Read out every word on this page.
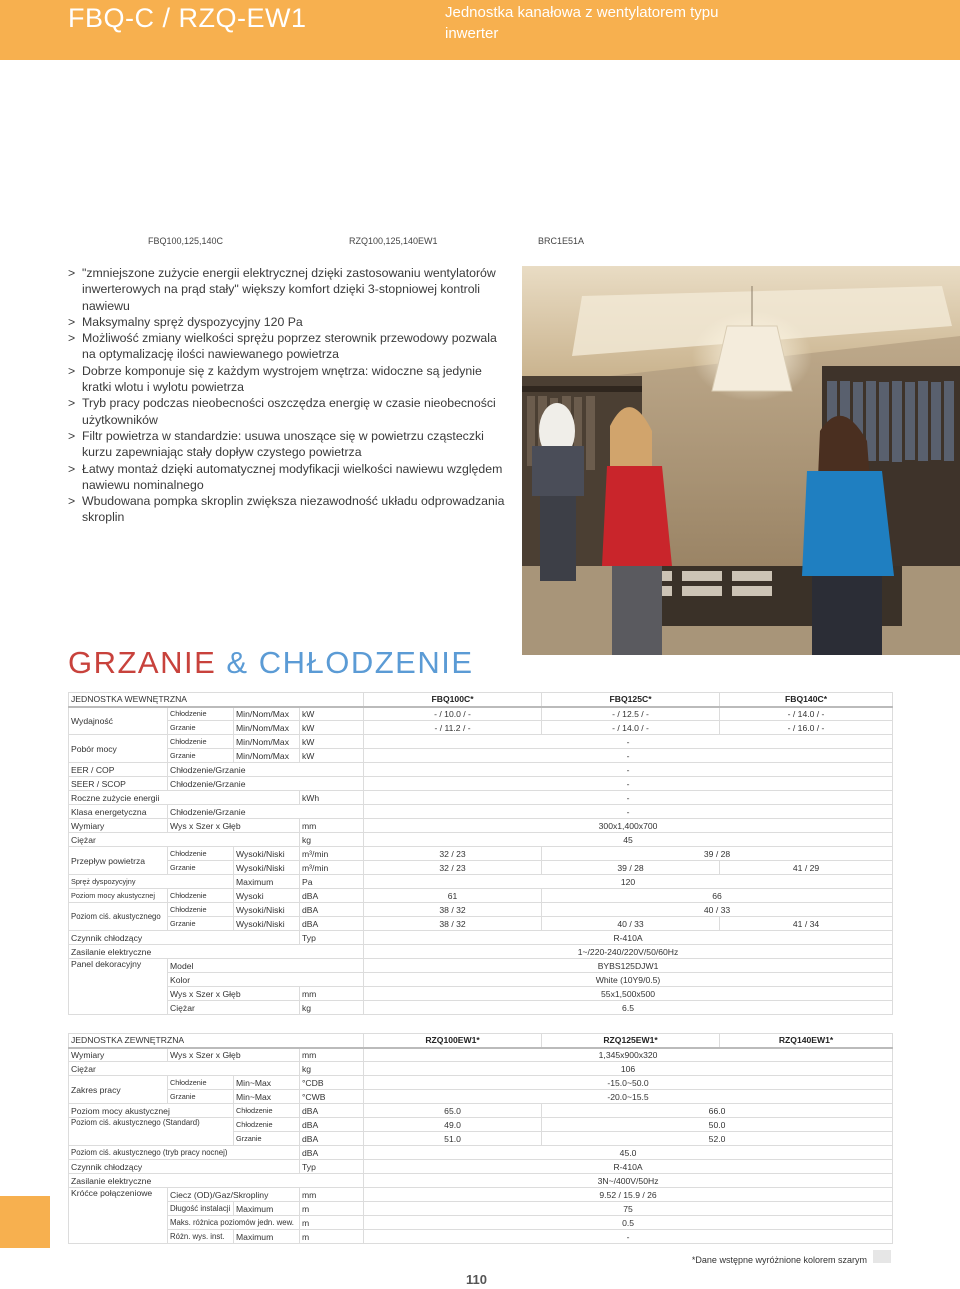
FBQ-C / RZQ-EW1	Jednostka kanałowa z wentylatorem typu inwerter
FBQ100,125,140C	RZQ100,125,140EW1	BRC1E51A
> "zmniejszone zużycie energii elektrycznej dzięki zastosowaniu wentylatorów inwerterowych na prąd stały" większy komfort dzięki 3-stopniowej kontroli nawiewu
> Maksymalny spręż dyspozycyjny 120 Pa
> Możliwość zmiany wielkości sprężu poprzez sterownik przewodowy pozwala na optymalizację ilości nawiewanego powietrza
> Dobrze komponuje się z każdym wystrojem wnętrza: widoczne są jedynie kratki wlotu i wylotu powietrza
> Tryb pracy podczas nieobecności oszczędza energię w czasie nieobecności użytkowników
> Filtr powietrza w standardzie: usuwa unoszące się w powietrzu cząsteczki kurzu zapewniając stały dopływ czystego powietrza
> Łatwy montaż dzięki automatycznej modyfikacji wielkości nawiewu względem nawiewu nominalnego
> Wbudowana pompka skroplin zwiększa niezawodność układu odprowadzania skroplin
GRZANIE & CHŁODZENIE
JEDNOSTKA WEWNĘTRZNA				FBQ100C*	FBQ125C*	FBQ140C*
Wydajność	Chłodzenie	Min/Nom/Max	kW	- / 10.0 / -	- / 12.5 / -	- / 14.0 / -
	Grzanie	Min/Nom/Max	kW	- / 11.2 / -	- / 14.0 / -	- / 16.0 / -
Pobór mocy	Chłodzenie	Min/Nom/Max	kW	-		
	Grzanie	Min/Nom/Max	kW	-		
EER / COP	Chłodzenie/Grzanie			-		
SEER / SCOP	Chłodzenie/Grzanie			-		
Roczne zużycie energii			kWh	-		
Klasa energetyczna	Chłodzenie/Grzanie			-		
Wymiary	Wys x Szer x Głęb		mm	300x1,400x700		
Ciężar			kg	45		
Przepływ powietrza	Chłodzenie	Wysoki/Niski	m³/min	32 / 23	39 / 28	
	Grzanie	Wysoki/Niski	m³/min	32 / 23	39 / 28	41 / 29
Spręż dyspozycyjny		Maximum	Pa	120		
Poziom mocy akustycznej	Chłodzenie	Wysoki	dBA	61	66	
Poziom ciś. akustycznego	Chłodzenie	Wysoki/Niski	dBA	38 / 32	40 / 33	
	Grzanie	Wysoki/Niski	dBA	38 / 32	40 / 33	41 / 34
Czynnik chłodzący			Typ	R-410A		
Zasilanie elektryczne				1~/220-240/220V/50/60Hz		
Panel dekoracyjny	Model			BYBS125DJW1		
	Kolor			White (10Y9/0.5)		
	Wys x Szer x Głęb		mm	55x1,500x500		
	Ciężar		kg	6.5		
JEDNOSTKA ZEWNĘTRZNA				RZQ100EW1*	RZQ125EW1*	RZQ140EW1*
Wymiary	Wys x Szer x Głęb		mm	1,345x900x320		
Ciężar			kg	106		
Zakres pracy	Chłodzenie	Min~Max	°CDB	-15.0~50.0		
	Grzanie	Min~Max	°CWB	-20.0~15.5		
Poziom mocy akustycznej		Chłodzenie	dBA	65.0	66.0	
Poziom ciś. akustycznego (Standard)		Chłodzenie	dBA	49.0	50.0	
		Grzanie	dBA	51.0	52.0	
Poziom ciś. akustycznego (tryb pracy nocnej)			dBA	45.0		
Czynnik chłodzący			Typ	R-410A		
Zasilanie elektryczne				3N~/400V/50Hz		
Króćce połączeniowe	Ciecz (OD)/Gaz/Skropliny		mm	9.52 / 15.9 / 26		
	Długość instalacji	Maximum	m	75		
	Maks. różnica poziomów jedn. wew.		m	0.5		
	Różn. wys. inst.	Maximum	m	-		
*Dane wstępne wyróżnione kolorem szarym
110
